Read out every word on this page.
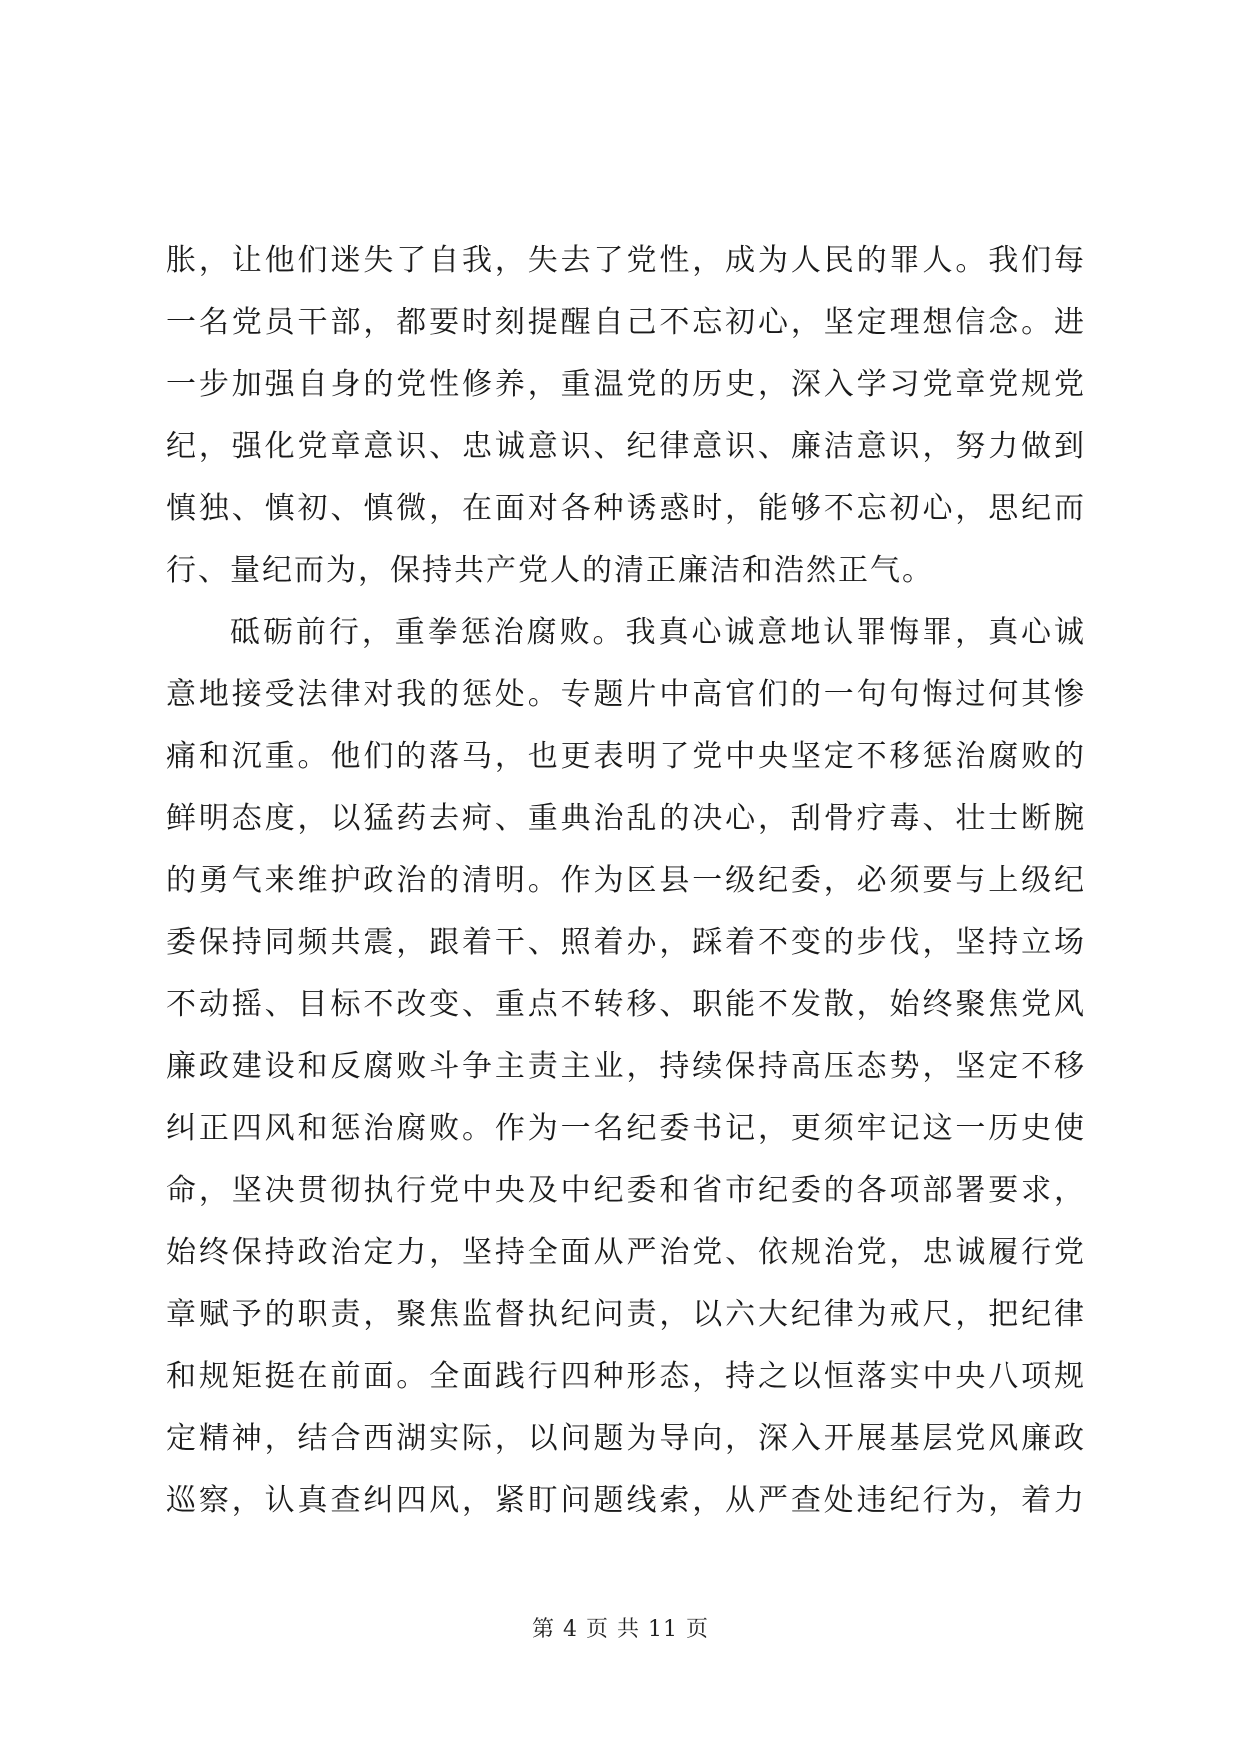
胀，让他们迷失了自我，失去了党性，成为人民的罪人。我们每
一名党员干部，都要时刻提醒自己不忘初心，坚定理想信念。进
一步加强自身的党性修养，重温党的历史，深入学习党章党规党
纪，强化党章意识、忠诚意识、纪律意识、廉洁意识，努力做到
慎独、慎初、慎微，在面对各种诱惑时，能够不忘初心，思纪而
行、量纪而为，保持共产党人的清正廉洁和浩然正气。
砥砺前行，重拳惩治腐败。我真心诚意地认罪悔罪，真心诚
意地接受法律对我的惩处。专题片中高官们的一句句悔过何其惨
痛和沉重。他们的落马，也更表明了党中央坚定不移惩治腐败的
鲜明态度，以猛药去疴、重典治乱的决心，刮骨疗毒、壮士断腕
的勇气来维护政治的清明。作为区县一级纪委，必须要与上级纪
委保持同频共震，跟着干、照着办，踩着不变的步伐，坚持立场
不动摇、目标不改变、重点不转移、职能不发散，始终聚焦党风
廉政建设和反腐败斗争主责主业，持续保持高压态势，坚定不移
纠正四风和惩治腐败。作为一名纪委书记，更须牢记这一历史使
命，坚决贯彻执行党中央及中纪委和省市纪委的各项部署要求，
始终保持政治定力，坚持全面从严治党、依规治党，忠诚履行党
章赋予的职责，聚焦监督执纪问责，以六大纪律为戒尺，把纪律
和规矩挺在前面。全面践行四种形态，持之以恒落实中央八项规
定精神，结合西湖实际，以问题为导向，深入开展基层党风廉政
巡察，认真查纠四风，紧盯问题线索，从严查处违纪行为，着力
第 4 页 共 11 页
